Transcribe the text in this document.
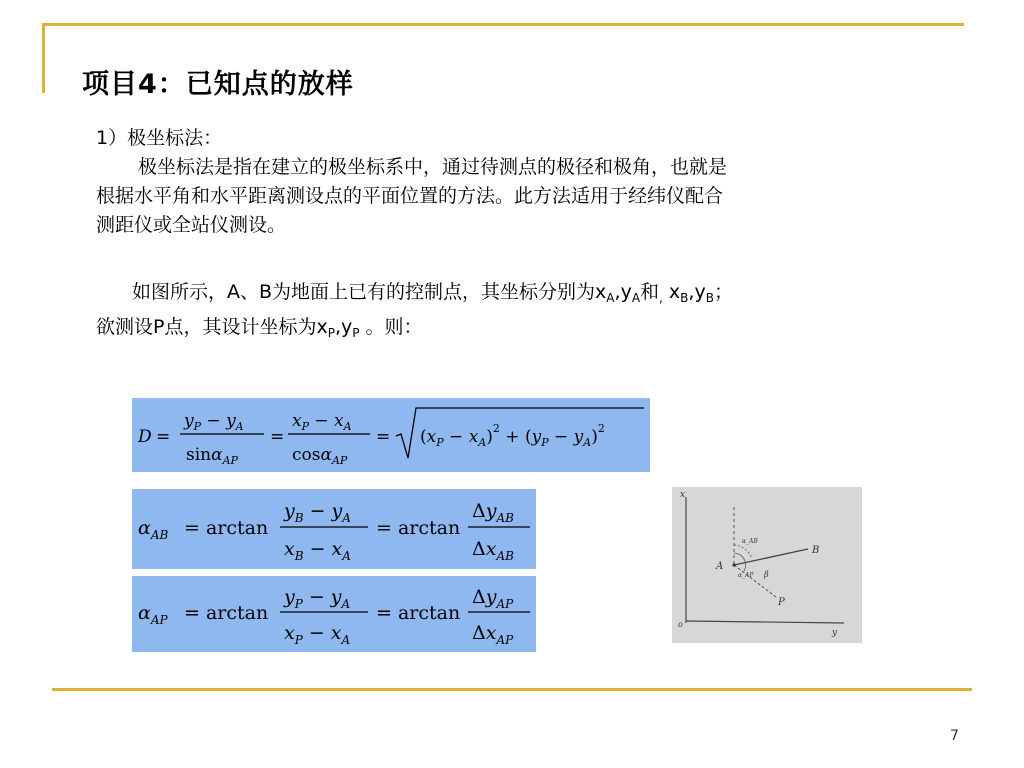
项目4：已知点的放样
1）极坐标法：
极坐标法是指在建立的极坐标系中，通过待测点的极径和极角，也就是
根据水平角和水平距离测设点的平面位置的方法。此方法适用于经纬仪配合
测距仪或全站仪测设。
如图所示，A、B为地面上已有的控制点，其坐标分别为$x_A,y_A$和$_,$ $x_B,y_B$；
欲测设P点，其设计坐标为$x_P,y_P$ 。则：
D =
$y_P - y_A$
sinα$_{AP}$
=
$x_P - x_A$
cosα$_{AP}$
= $(x_P - x_A)^2 + (y_P - y_A)^2$
$\alpha_{AB} = \arctan$
$y_B - y_A$
$x_B - x_A$
= arctan
$\Delta y_{AB}$
$\Delta x_{AB}$
$\alpha_{AP} = \arctan$
$y_P - y_A$
$x_P - x_A$
= arctan
$\Delta y_{AP}$
$\Delta x_{AP}$
x
y
o
A
B
P
α_AB
α_AP β
7
